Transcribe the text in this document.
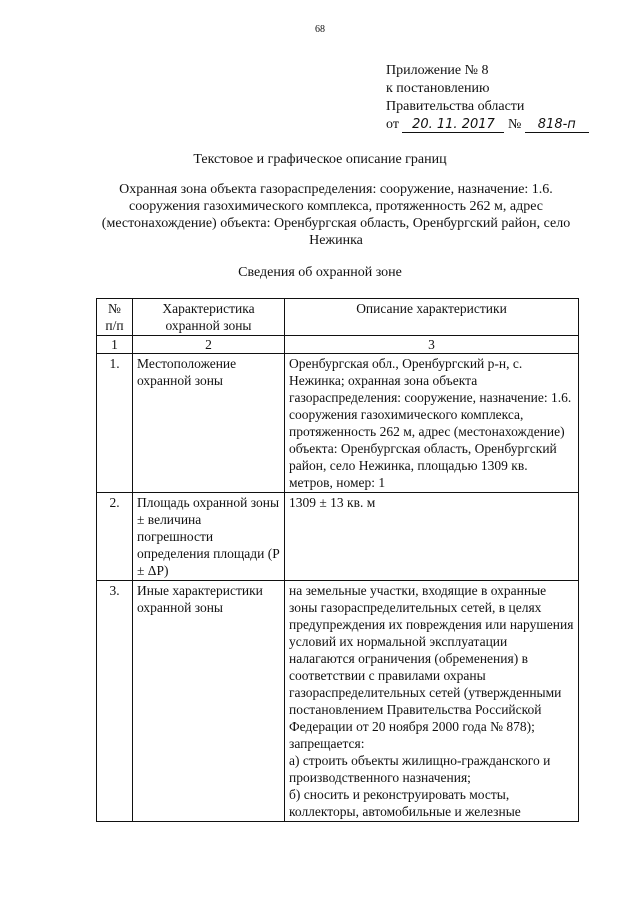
68
Приложение № 8
к постановлению
Правительства области
от 20. 11. 2017 № 818-п
Текстовое и графическое описание границ
Охранная зона объекта газораспределения: сооружение, назначение: 1.6. сооружения газохимического комплекса, протяженность 262 м, адрес (местонахождение) объекта: Оренбургская область, Оренбургский район, село Нежинка
Сведения об охранной зоне
№ п/п	Характеристика охранной зоны	Описание характеристики
1	2	3
1.	Местоположение охранной зоны	Оренбургская обл., Оренбургский р-н, с. Нежинка; охранная зона объекта газораспределения: сооружение, назначение: 1.6. сооружения газохимического комплекса, протяженность 262 м, адрес (местонахождение) объекта: Оренбургская область, Оренбургский район, село Нежинка, площадью 1309 кв. метров, номер: 1
2.	Площадь охранной зоны ± величина погрешности определения площади (P ± ΔP)	1309 ± 13 кв. м
3.	Иные характеристики охранной зоны	на земельные участки, входящие в охранные зоны газораспределительных сетей, в целях предупреждения их повреждения или нарушения условий их нормальной эксплуатации налагаются ограничения (обременения) в соответствии с правилами охраны газораспределительных сетей (утвержденными постановлением Правительства Российской Федерации от 20 ноября 2000 года № 878);
запрещается:
а) строить объекты жилищно-гражданского и производственного назначения;
б) сносить и реконструировать мосты, коллекторы, автомобильные и железные
